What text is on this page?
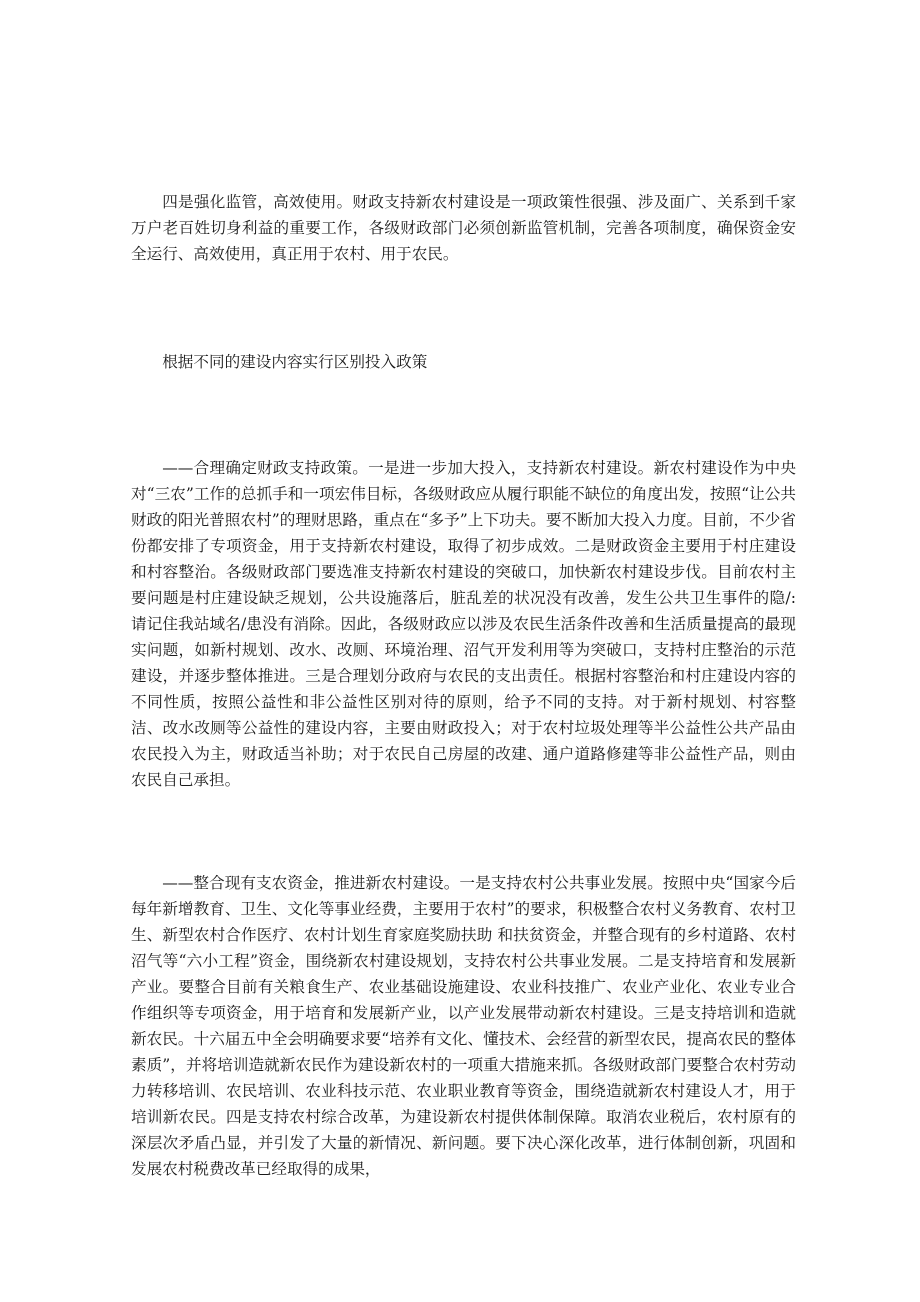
四是强化监管，高效使用。财政支持新农村建设是一项政策性很强、涉及面广、关系到千家万户老百姓切身利益的重要工作，各级财政部门必须创新监管机制，完善各项制度，确保资金安全运行、高效使用，真正用于农村、用于农民。

根据不同的建设内容实行区别投入政策

——合理确定财政支持政策。一是进一步加大投入，支持新农村建设。新农村建设作为中央对“三农”工作的总抓手和一项宏伟目标，各级财政应从履行职能不缺位的角度出发，按照“让公共财政的阳光普照农村”的理财思路，重点在“多予”上下功夫。要不断加大投入力度。目前，不少省份都安排了专项资金，用于支持新农村建设，取得了初步成效。二是财政资金主要用于村庄建设和村容整治。各级财政部门要选准支持新农村建设的突破口，加快新农村建设步伐。目前农村主要问题是村庄建设缺乏规划，公共设施落后，脏乱差的状况没有改善，发生公共卫生事件的隐/:请记住我站域名/患没有消除。因此，各级财政应以涉及农民生活条件改善和生活质量提高的最现实问题，如新村规划、改水、改厕、环境治理、沼气开发利用等为突破口，支持村庄整治的示范建设，并逐步整体推进。三是合理划分政府与农民的支出责任。根据村容整治和村庄建设内容的不同性质，按照公益性和非公益性区别对待的原则，给予不同的支持。对于新村规划、村容整洁、改水改厕等公益性的建设内容，主要由财政投入；对于农村垃圾处理等半公益性公共产品由农民投入为主，财政适当补助；对于农民自己房屋的改建、通户道路修建等非公益性产品，则由农民自己承担。

——整合现有支农资金，推进新农村建设。一是支持农村公共事业发展。按照中央“国家今后每年新增教育、卫生、文化等事业经费，主要用于农村”的要求，积极整合农村义务教育、农村卫生、新型农村合作医疗、农村计划生育家庭奖励扶助 和扶贫资金，并整合现有的乡村道路、农村沼气等“六小工程”资金，围绕新农村建设规划，支持农村公共事业发展。二是支持培育和发展新产业。要整合目前有关粮食生产、农业基础设施建设、农业科技推广、农业产业化、农业专业合作组织等专项资金，用于培育和发展新产业，以产业发展带动新农村建设。三是支持培训和造就新农民。十六届五中全会明确要求要“培养有文化、懂技术、会经营的新型农民，提高农民的整体素质”，并将培训造就新农民作为建设新农村的一项重大措施来抓。各级财政部门要整合农村劳动力转移培训、农民培训、农业科技示范、农业职业教育等资金，围绕造就新农村建设人才，用于培训新农民。四是支持农村综合改革，为建设新农村提供体制保障。取消农业税后，农村原有的深层次矛盾凸显，并引发了大量的新情况、新问题。要下决心深化改革，进行体制创新，巩固和发展农村税费改革已经取得的成果，
